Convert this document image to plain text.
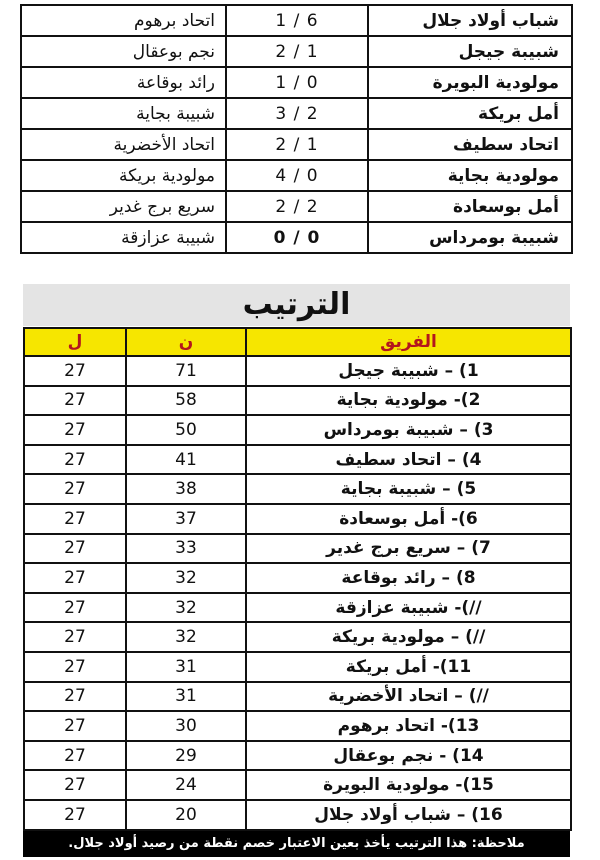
شباب أولاد جلال	6 / 1	اتحاد برهوم
شبيبة جيجل	1 / 2	نجم بوعقال
مولودية البويرة	0 / 1	رائد بوقاعة
أمل بريكة	2 / 3	شبيبة بجاية
اتحاد سطيف	1 / 2	اتحاد الأخضرية
مولودية بجاية	0 / 4	مولودية بريكة
أمل بوسعادة	2 / 2	سريع برج غدير
شبيبة بومرداس	0 / 0	شبيبة عزازقة
الترتيب
الفريق	ن	ل
1) – شبيبة جيجل	71	27
2)- مولودية بجاية	58	27
3) – شبيبة بومرداس	50	27
4) – اتحاد سطيف	41	27
5) – شبيبة بجاية	38	27
6)- أمل بوسعادة	37	27
7) – سريع برج غدير	33	27
8) – رائد بوقاعة	32	27
//)- شبيبة عزازقة	32	27
//) – مولودية بريكة	32	27
11)- أمل بريكة	31	27
//) – اتحاد الأخضرية	31	27
13)- اتحاد برهوم	30	27
14) - نجم بوعقال	29	27
15)- مولودية البويرة	24	27
16) – شباب أولاد جلال	20	27
ملاحظة: هذا الترتيب يأخذ بعين الاعتبار خصم نقطة من رصيد أولاد جلال.
